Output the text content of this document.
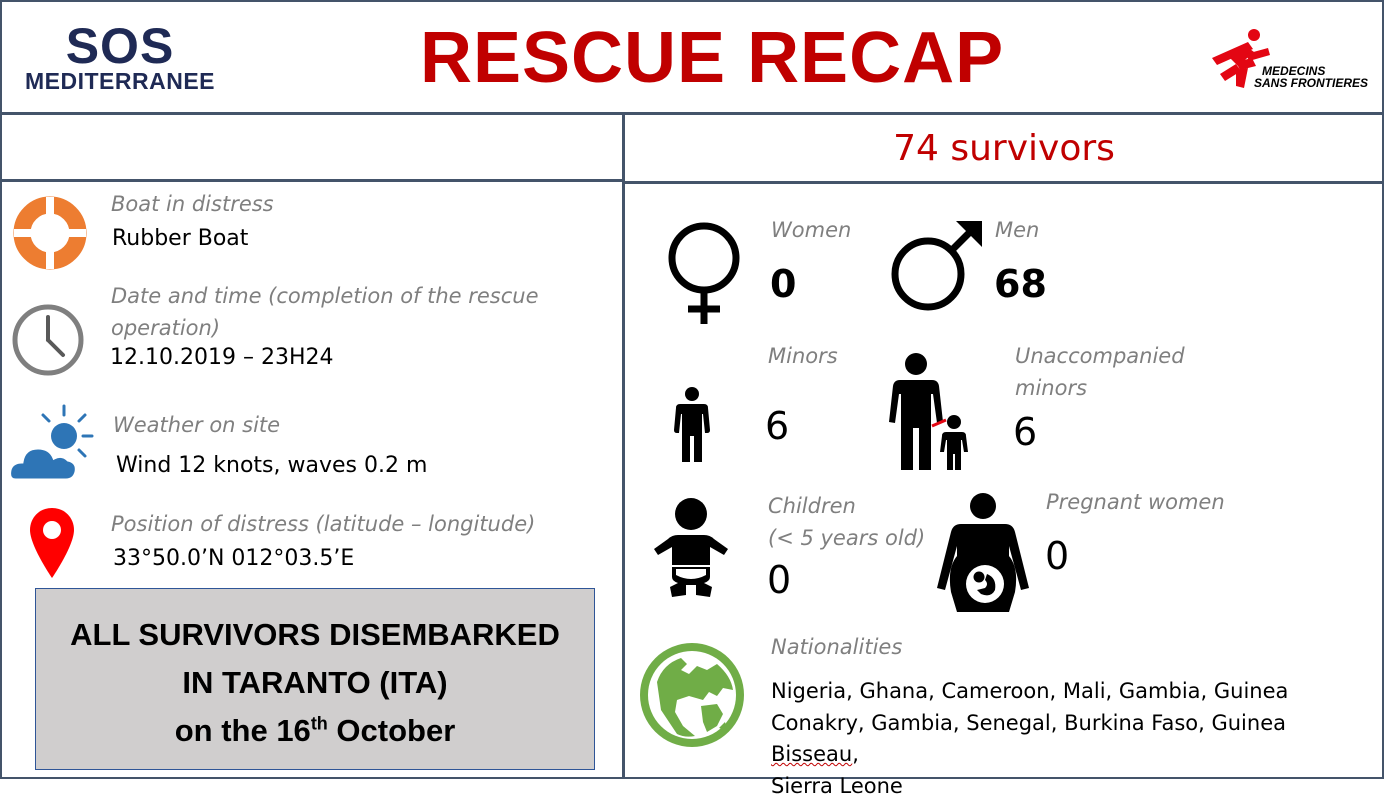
SOS
MEDITERRANEE	RESCUE RECAP	MEDECINS
SANS FRONTIERES
Boat in distress
Rubber Boat
Date and time (completion of the rescue
operation)
12.10.2019 – 23H24
Weather on site
Wind 12 knots, waves 0.2 m
Position of distress (latitude – longitude)
33°50.0’N 012°03.5’E
ALL SURVIVORS DISEMBARKED
IN TARANTO (ITA)
on the 16th October
74 survivors
Women
0
Men
68
Minors
6
Unaccompanied
minors
6
Children
(< 5 years old)
0
Pregnant women
0
Nationalities
Nigeria, Ghana, Cameroon, Mali, Gambia, Guinea
Conakry, Gambia, Senegal, Burkina Faso, Guinea Bisseau,
Sierra Leone
